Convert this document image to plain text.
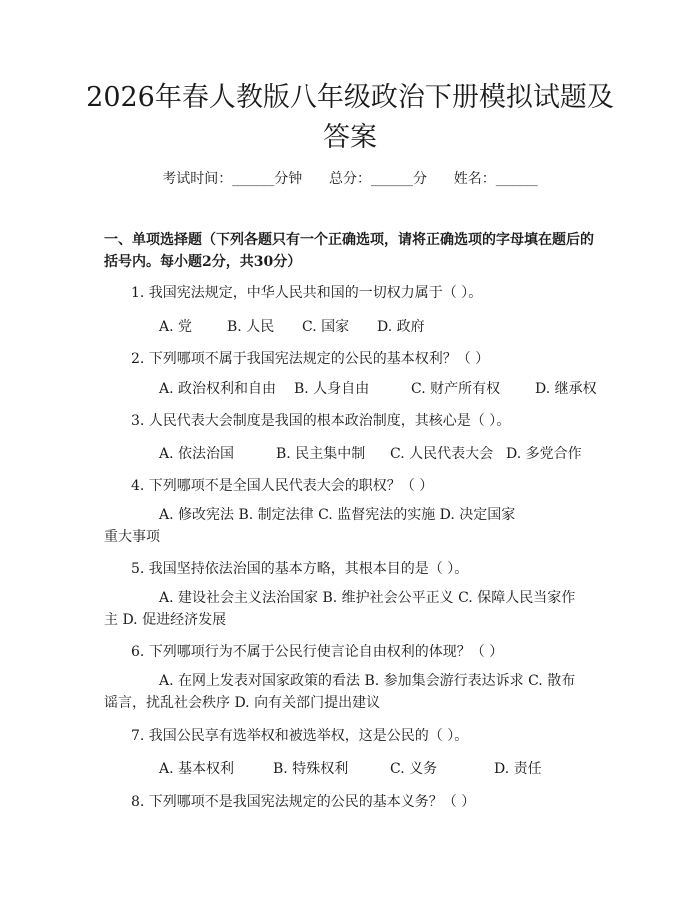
2026年春人教版八年级政治下册模拟试题及
答案
考试时间：______分钟      总分：______分      姓名：______
一、单项选择题（下列各题只有一个正确选项，请将正确选项的字母填在题后的括号内。每小题2分，共30分）
1. 我国宪法规定，中华人民共和国的一切权力属于（ ）。
A. 党 B. 人民 C. 国家 D. 政府
2. 下列哪项不属于我国宪法规定的公民的基本权利？（ ）
A. 政治权利和自由 B. 人身自由	C. 财产所有权 D. 继承权
3. 人民代表大会制度是我国的根本政治制度，其核心是（ ）。
A. 依法治国	B. 民主集中制 C. 人民代表大会 D. 多党合作
4. 下列哪项不是全国人民代表大会的职权？（ ）
A. 修改宪法 B. 制定法律 C. 监督宪法的实施 D. 决定国家
重大事项
5. 我国坚持依法治国的基本方略，其根本目的是（ ）。
A. 建设社会主义法治国家 B. 维护社会公平正义 C. 保障人民当家作
主 D. 促进经济发展
6. 下列哪项行为不属于公民行使言论自由权利的体现？（ ）
A. 在网上发表对国家政策的看法 B. 参加集会游行表达诉求 C. 散布
谣言，扰乱社会秩序 D. 向有关部门提出建议
7. 我国公民享有选举权和被选举权，这是公民的（ ）。
A. 基本权利	B. 特殊权利	C. 义务	D. 责任
8. 下列哪项不是我国宪法规定的公民的基本义务？（ ）
